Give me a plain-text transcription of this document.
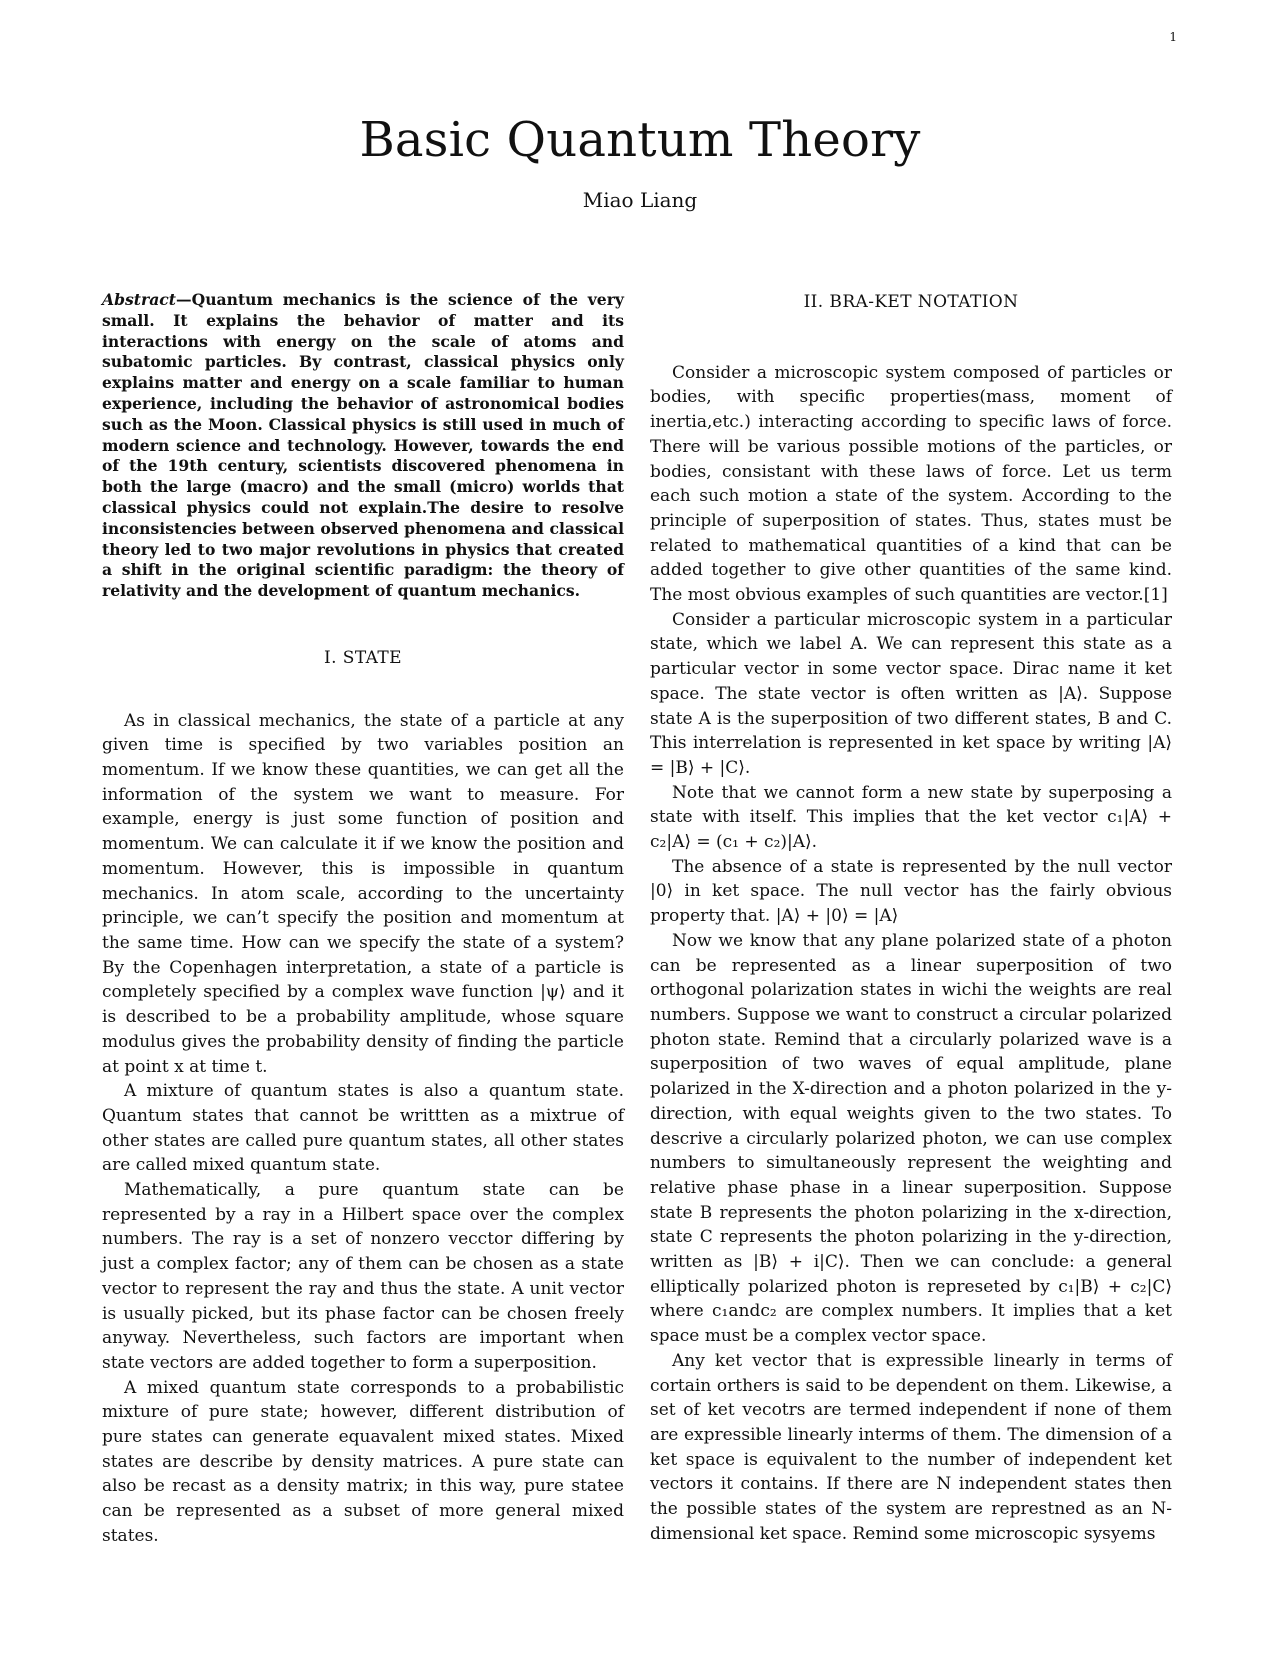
1
Basic Quantum Theory
Miao Liang

Abstract—Quantum mechanics is the science of the very small. It explains the behavior of matter and its interactions with energy on the scale of atoms and subatomic particles. By contrast, classical physics only explains matter and energy on a scale familiar to human experience, including the behavior of astronomical bodies such as the Moon. Classical physics is still used in much of modern science and technology. However, towards the end of the 19th century, scientists discovered phenomena in both the large (macro) and the small (micro) worlds that classical physics could not explain.The desire to resolve inconsistencies between observed phenomena and classical theory led to two major revolutions in physics that created a shift in the original scientific paradigm: the theory of relativity and the development of quantum mechanics.

I. STATE

As in classical mechanics, the state of a particle at any given time is specified by two variables position an momentum. If we know these quantities, we can get all the information of the system we want to measure. For example, energy is just some function of position and momentum. We can calculate it if we know the position and momentum. However, this is impossible in quantum mechanics. In atom scale, according to the uncertainty principle, we can’t specify the position and momentum at the same time. How can we specify the state of a system? By the Copenhagen interpretation, a state of a particle is completely specified by a complex wave function |ψ⟩ and it is described to be a probability amplitude, whose square modulus gives the probability density of finding the particle at point x at time t.

A mixture of quantum states is also a quantum state. Quantum states that cannot be writtten as a mixtrue of other states are called pure quantum states, all other states are called mixed quantum state.

Mathematically, a pure quantum state can be represented by a ray in a Hilbert space over the complex numbers. The ray is a set of nonzero vecctor differing by just a complex factor; any of them can be chosen as a state vector to represent the ray and thus the state. A unit vector is usually picked, but its phase factor can be chosen freely anyway. Nevertheless, such factors are important when state vectors are added together to form a superposition.

A mixed quantum state corresponds to a probabilistic mixture of pure state; however, different distribution of pure states can generate equavalent mixed states. Mixed states are describe by density matrices. A pure state can also be recast as a density matrix; in this way, pure statee can be represented as a subset of more general mixed states.

II. BRA-KET NOTATION

Consider a microscopic system composed of particles or bodies, with specific properties(mass, moment of inertia,etc.) interacting according to specific laws of force. There will be various possible motions of the particles, or bodies, consistant with these laws of force. Let us term each such motion a state of the system. According to the principle of superposition of states. Thus, states must be related to mathematical quantities of a kind that can be added together to give other quantities of the same kind. The most obvious examples of such quantities are vector.[1]

Consider a particular microscopic system in a particular state, which we label A. We can represent this state as a particular vector in some vector space. Dirac name it ket space. The state vector is often written as |A⟩. Suppose state A is the superposition of two different states, B and C. This interrelation is represented in ket space by writing |A⟩ = |B⟩ + |C⟩.

Note that we cannot form a new state by superposing a state with itself. This implies that the ket vector c₁|A⟩ + c₂|A⟩ = (c₁ + c₂)|A⟩.

The absence of a state is represented by the null vector |0⟩ in ket space. The null vector has the fairly obvious property that. |A⟩ + |0⟩ = |A⟩

Now we know that any plane polarized state of a photon can be represented as a linear superposition of two orthogonal polarization states in wichi the weights are real numbers. Suppose we want to construct a circular polarized photon state. Remind that a circularly polarized wave is a superposition of two waves of equal amplitude, plane polarized in the X-direction and a photon polarized in the y-direction, with equal weights given to the two states. To descrive a circularly polarized photon, we can use complex numbers to simultaneously represent the weighting and relative phase phase in a linear superposition. Suppose state B represents the photon polarizing in the x-direction, state C represents the photon polarizing in the y-direction, written as |B⟩ + i|C⟩. Then we can conclude: a general elliptically polarized photon is represeted by c₁|B⟩ + c₂|C⟩ where c₁andc₂ are complex numbers. It implies that a ket space must be a complex vector space.

Any ket vector that is expressible linearly in terms of cortain orthers is said to be dependent on them. Likewise, a set of ket vecotrs are termed independent if none of them are expressible linearly interms of them. The dimension of a ket space is equivalent to the number of independent ket vectors it contains. If there are N independent states then the possible states of the system are represtned as an N-dimensional ket space. Remind some microscopic sysyems
